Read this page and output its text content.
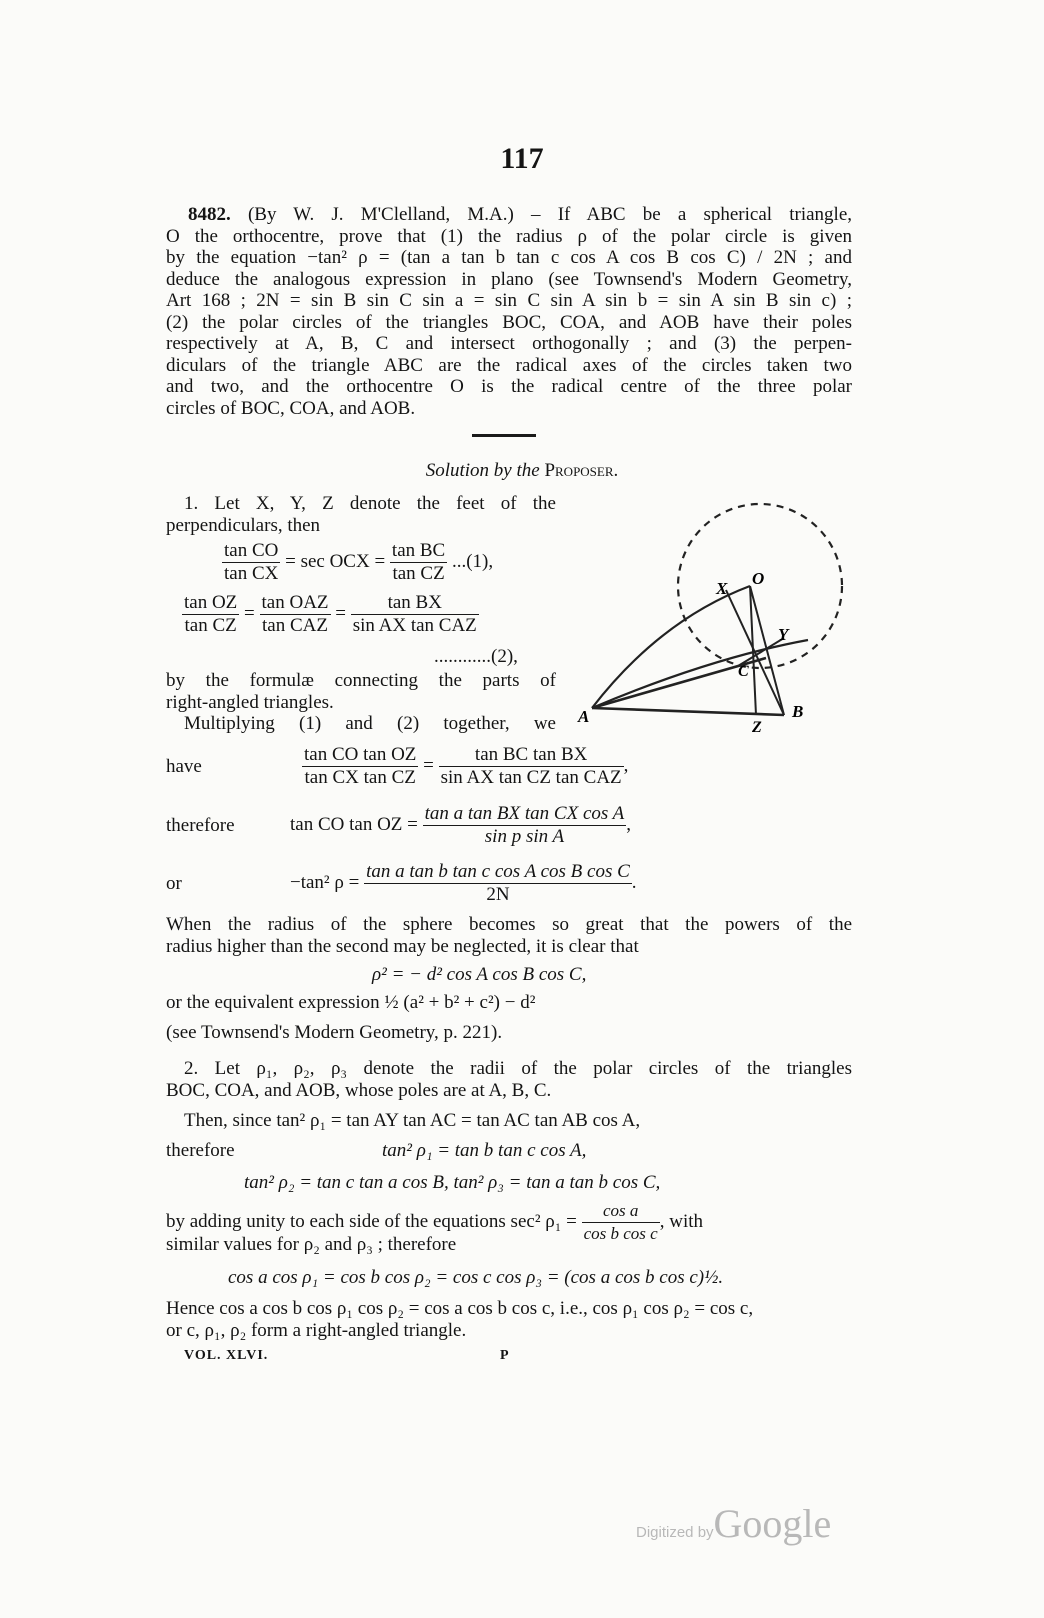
117
8482. (By W. J. M'Clelland, M.A.) – If ABC be a spherical triangle,
O the orthocentre, prove that (1) the radius ρ of the polar circle is given
by the equation −tan² ρ = (tan a tan b tan c cos A cos B cos C) / 2N ; and
deduce the analogous expression in plano (see Townsend's Modern Geometry,
Art 168 ; 2N = sin B sin C sin a = sin C sin A sin b = sin A sin B sin c) ;
(2) the polar circles of the triangles BOC, COA, and AOB have their poles
respectively at A, B, C and intersect orthogonally ; and (3) the perpen-
diculars of the triangle ABC are the radical axes of the circles taken two
and two, and the orthocentre O is the radical centre of the three polar
circles of BOC, COA, and AOB.
Solution by the Proposer.
1. Let X, Y, Z denote the feet of the
perpendiculars, then
$\frac{\text{tan CO}}{\text{tan CX}} = \sec$ OCX = $\frac{\text{tan BC}}{\text{tan CZ}} ...(1)$,
$\frac{\text{tan OZ}}{\text{tan CZ}} = \frac{\text{tan OAZ}}{\text{tan CAZ}} = \frac{\text{tan BX}}{\text{sin AX tan CAZ}}$
............(2),
by the formulæ connecting the parts of
right-angled triangles.
Multiplying (1) and (2) together, we
X
O
Y
C
A
Z
B
have	$\frac{\text{tan CO tan OZ}}{\text{tan CX tan CZ}} = \frac{\text{tan BC tan BX}}{\text{sin AX tan CZ tan CAZ}}$ ,
therefore	tan CO tan OZ = $\frac{\text{tan a tan BX tan CX cos A}}{\text{sin p sin A}}$ ,
or	−tan² $\rho = \frac{\text{tan a tan b tan c cos A cos B cos C}}{2N}$ .
When the radius of the sphere becomes so great that the powers of the
radius higher than the second may be neglected, it is clear that
ρ² = − d² cos A cos B cos C,
or the equivalent expression ½ (a² + b² + c²) − d²
(see Townsend's Modern Geometry, p. 221).
2. Let ρ₁, ρ₂, ρ₃ denote the radii of the polar circles of the triangles
BOC, COA, and AOB, whose poles are at A, B, C.
Then, since tan² ρ₁ = tan AY tan AC = tan AC tan AB cos A,
therefore	tan² ρ₁ = tan b tan c cos A,
tan² ρ₂ = tan c tan a cos B, tan² ρ₃ = tan a tan b cos C,
by adding unity to each side of the equations sec² $\rho_1 = \frac{\text{cos a}}{\text{cos b cos c}}$ , with
similar values for ρ₂ and ρ₃ ; therefore
cos a cos ρ₁ = cos b cos ρ₂ = cos c cos ρ₃ = (cos a cos b cos c)½.
Hence cos a cos b cos ρ₁ cos ρ₂ = cos a cos b cos c, i.e., cos ρ₁ cos ρ₂ = cos c,
or c, ρ₁, ρ₂ form a right-angled triangle.
VOL. XLVI.	P
Digitized byGoogle
